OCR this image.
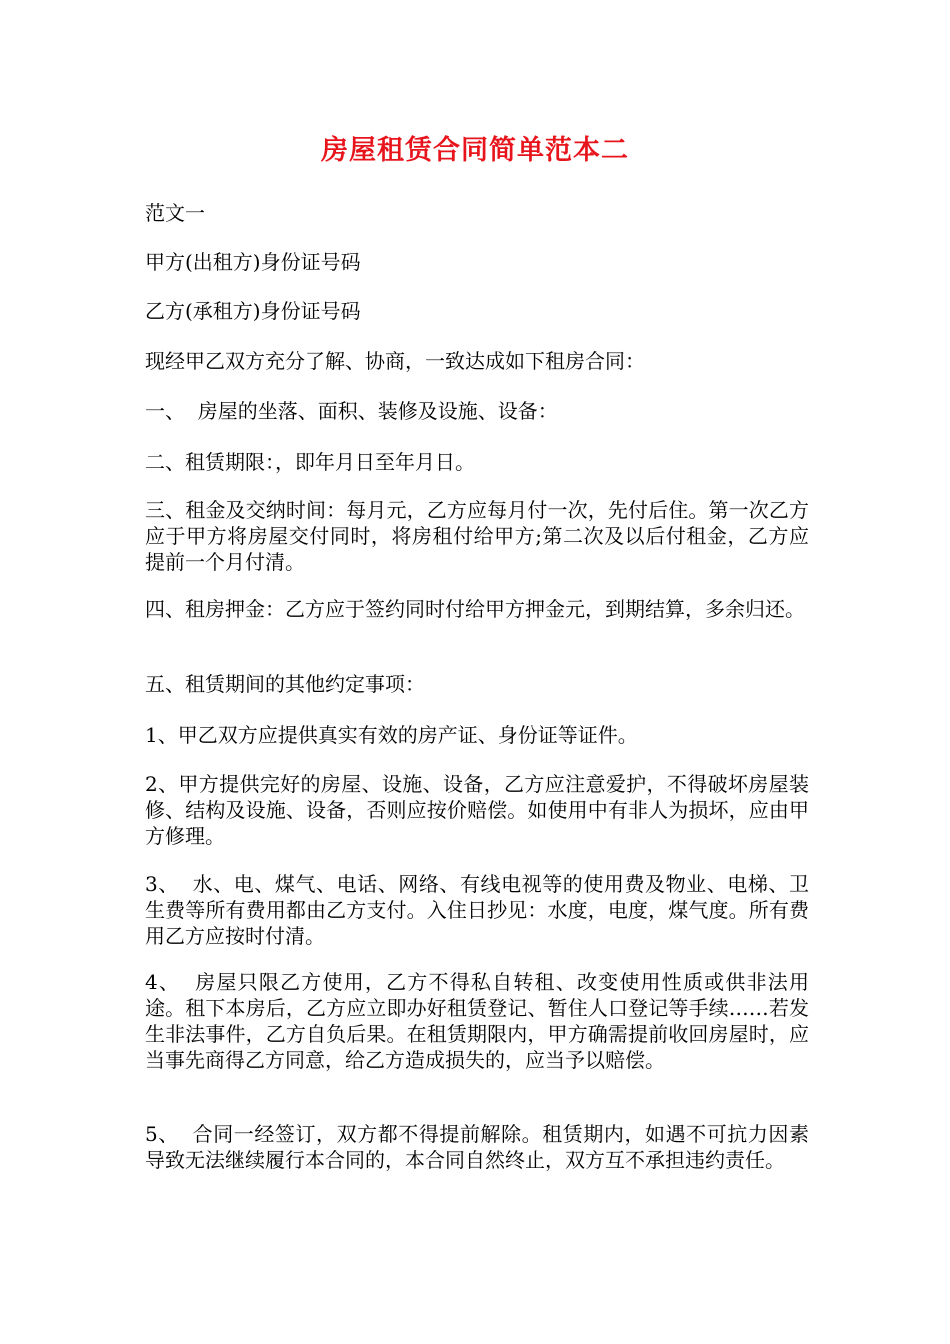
房屋租赁合同简单范本二

范文一

甲方(出租方)身份证号码

乙方(承租方)身份证号码

现经甲乙双方充分了解、协商，一致达成如下租房合同：

一、  房屋的坐落、面积、装修及设施、设备：

二、租赁期限：，即年月日至年月日。

三、租金及交纳时间：每月元，乙方应每月付一次，先付后住。第一次乙方应于甲方将房屋交付同时，将房租付给甲方;第二次及以后付租金，乙方应提前一个月付清。

四、租房押金：乙方应于签约同时付给甲方押金元，到期结算，多余归还。

五、租赁期间的其他约定事项：

1、甲乙双方应提供真实有效的房产证、身份证等证件。

2、甲方提供完好的房屋、设施、设备，乙方应注意爱护，不得破坏房屋装修、结构及设施、设备，否则应按价赔偿。如使用中有非人为损坏，应由甲方修理。

3、  水、电、煤气、电话、网络、有线电视等的使用费及物业、电梯、卫生费等所有费用都由乙方支付。入住日抄见：水度，电度，煤气度。所有费用乙方应按时付清。

4、  房屋只限乙方使用，乙方不得私自转租、改变使用性质或供非法用途。租下本房后，乙方应立即办好租赁登记、暂住人口登记等手续……若发生非法事件，乙方自负后果。在租赁期限内，甲方确需提前收回房屋时，应当事先商得乙方同意，给乙方造成损失的，应当予以赔偿。

5、  合同一经签订，双方都不得提前解除。租赁期内，如遇不可抗力因素导致无法继续履行本合同的，本合同自然终止，双方互不承担违约责任。
